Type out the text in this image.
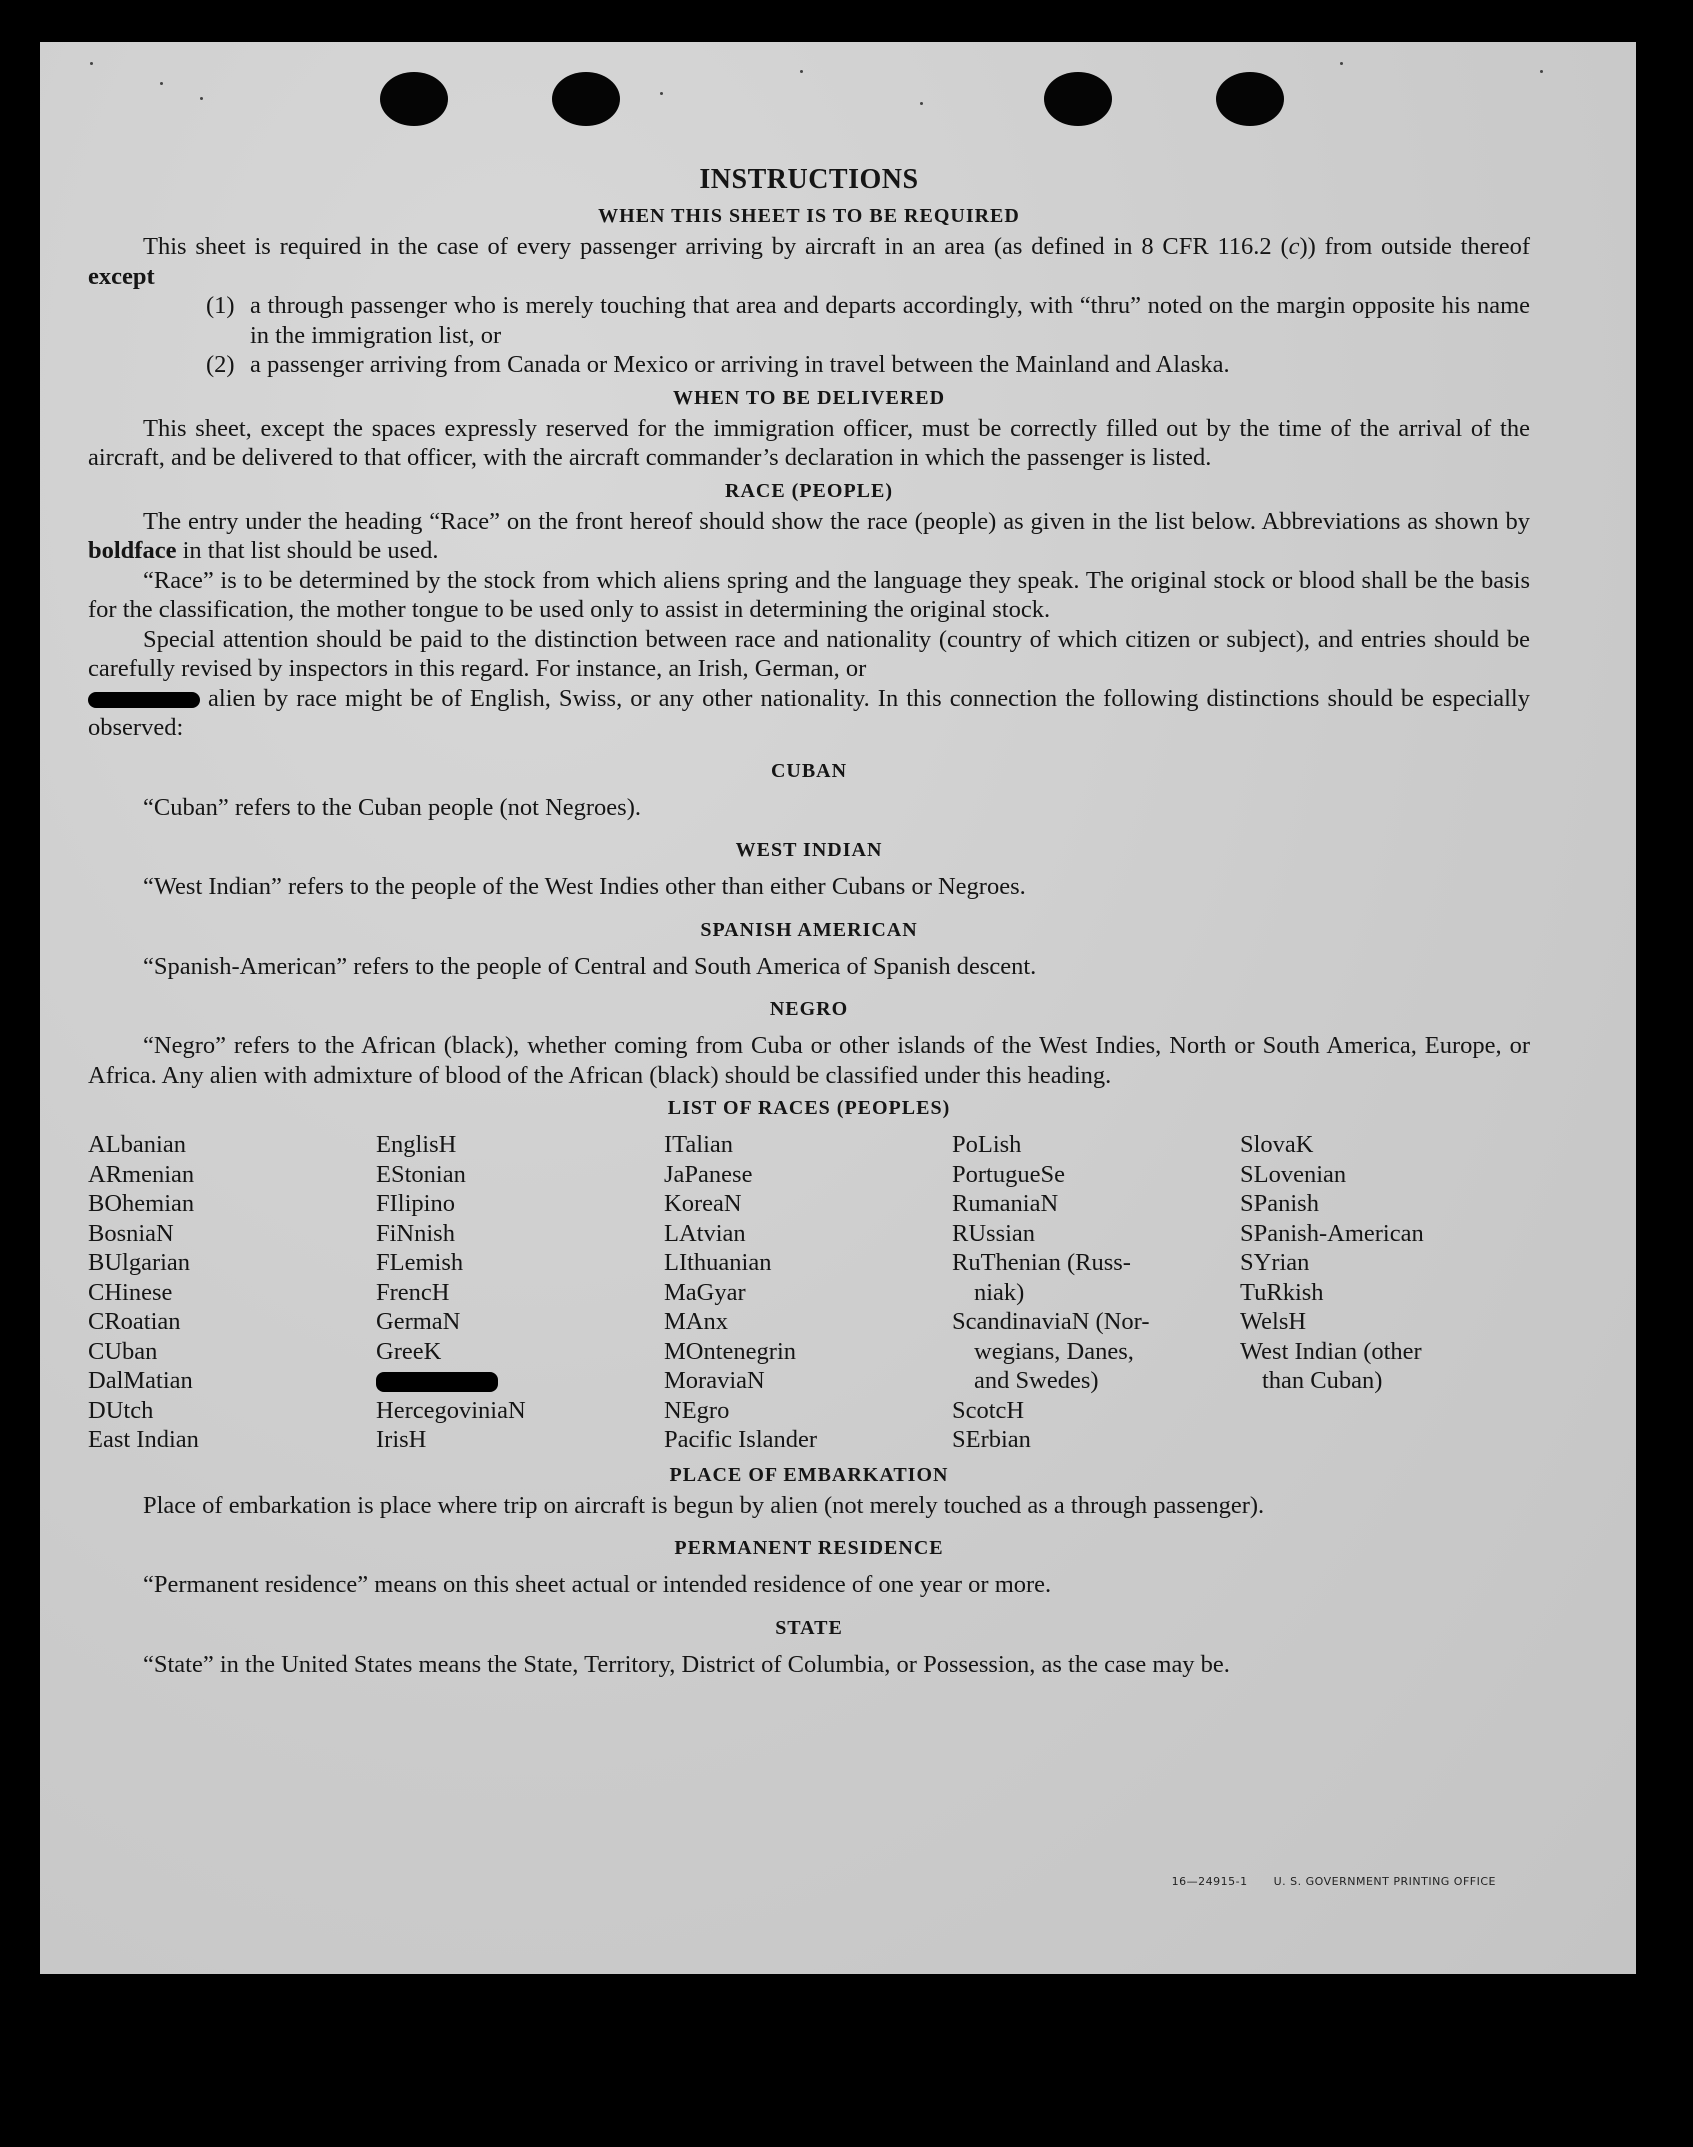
INSTRUCTIONS
WHEN THIS SHEET IS TO BE REQUIRED

This sheet is required in the case of every passenger arriving by aircraft in an area (as defined in 8 CFR 116.2 (c)) from outside thereof except

(1) a through passenger who is merely touching that area and departs accordingly, with “thru” noted on the margin opposite his name in the immigration list, or
(2) a passenger arriving from Canada or Mexico or arriving in travel between the Mainland and Alaska.
WHEN TO BE DELIVERED

This sheet, except the spaces expressly reserved for the immigration officer, must be correctly filled out by the time of the arrival of the aircraft, and be delivered to that officer, with the aircraft commander’s declaration in which the passenger is listed.

RACE (PEOPLE)

The entry under the heading “Race” on the front hereof should show the race (people) as given in the list below. Abbreviations as shown by boldface in that list should be used.

“Race” is to be determined by the stock from which aliens spring and the language they speak. The original stock or blood shall be the basis for the classification, the mother tongue to be used only to assist in determining the original stock.

Special attention should be paid to the distinction between race and nationality (country of which citizen or subject), and entries should be carefully revised by inspectors in this regard. For instance, an Irish, German, or
alien by race might be of English, Swiss, or any other nationality. In this connection the following distinctions should be especially observed:

CUBAN

“Cuban” refers to the Cuban people (not Negroes).

WEST INDIAN

“West Indian” refers to the people of the West Indies other than either Cubans or Negroes.

SPANISH AMERICAN

“Spanish-American” refers to the people of Central and South America of Spanish descent.

NEGRO

“Negro” refers to the African (black), whether coming from Cuba or other islands of the West Indies, North or South America, Europe, or Africa. Any alien with admixture of blood of the African (black) should be classified under this heading.

LIST OF RACES (PEOPLES)
ALbanian
ARmenian
BOhemian
BosniaN
BUlgarian
CHinese
CRoatian
CUban
DalMatian
DUtch
East Indian
EnglisH
EStonian
FIlipino
FiNnish
FLemish
FrencH
GermaN
GreeK
HercegoviniaN
IrisH
ITalian
JaPanese
KoreaN
LAtvian
LIthuanian
MaGyar
MAnx
MOntenegrin
MoraviaN
NEgro
Pacific Islander
PoLish
PortugueSe
RumaniaN
RUssian
RuThenian (Russ-
niak)
ScandinaviaN (Nor-
wegians, Danes,
and Swedes)
ScotcH
SErbian
SlovaK
SLovenian
SPanish
SPanish-American
SYrian
TuRkish
WelsH
West Indian (other
than Cuban)
PLACE OF EMBARKATION

Place of embarkation is place where trip on aircraft is begun by alien (not merely touched as a through passenger).

PERMANENT RESIDENCE

“Permanent residence” means on this sheet actual or intended residence of one year or more.

STATE

“State” in the United States means the State, Territory, District of Columbia, or Possession, as the case may be.

16—24915-1 U. S. GOVERNMENT PRINTING OFFICE
